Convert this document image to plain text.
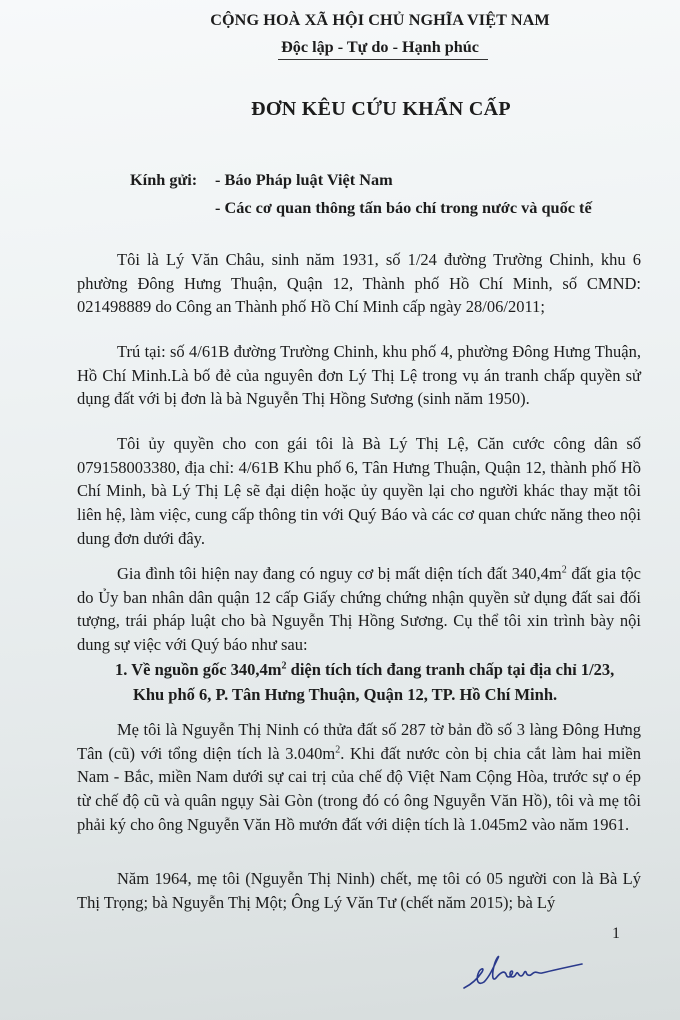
CỘNG HOÀ XÃ HỘI CHỦ NGHĨA VIỆT NAM
Độc lập - Tự do - Hạnh phúc
ĐƠN KÊU CỨU KHẨN CẤP
Kính gửi: - Báo Pháp luật Việt Nam
- Các cơ quan thông tấn báo chí trong nước và quốc tế

Tôi là Lý Văn Châu, sinh năm 1931, số 1/24 đường Trường Chinh, khu 6 phường Đông Hưng Thuận, Quận 12, Thành phố Hồ Chí Minh, số CMND: 021498889 do Công an Thành phố Hồ Chí Minh cấp ngày 28/06/2011;

Trú tại: số 4/61B đường Trường Chinh, khu phố 4, phường Đông Hưng Thuận, Hồ Chí Minh.Là bố đẻ của nguyên đơn Lý Thị Lệ trong vụ án tranh chấp quyền sử dụng đất với bị đơn là bà Nguyễn Thị Hồng Sương (sinh năm 1950).

Tôi ủy quyền cho con gái tôi là Bà Lý Thị Lệ, Căn cước công dân số 079158003380, địa chỉ: 4/61B Khu phố 6, Tân Hưng Thuận, Quận 12, thành phố Hồ Chí Minh, bà Lý Thị Lệ sẽ đại diện hoặc ủy quyền lại cho người khác thay mặt tôi liên hệ, làm việc, cung cấp thông tin với Quý Báo và các cơ quan chức năng theo nội dung đơn dưới đây.

Gia đình tôi hiện nay đang có nguy cơ bị mất diện tích đất $340,4m^2$ đất gia tộc do Ủy ban nhân dân quận 12 cấp Giấy chứng chứng nhận quyền sử dụng đất sai đối tượng, trái pháp luật cho bà Nguyễn Thị Hồng Sương. Cụ thể tôi xin trình bày nội dung sự việc với Quý báo như sau:

1. Về nguồn gốc $340,4m^2$ diện tích tích đang tranh chấp tại địa chỉ 1/23,
Khu phố 6, P. Tân Hưng Thuận, Quận 12, TP. Hồ Chí Minh.

Mẹ tôi là Nguyễn Thị Ninh có thửa đất số 287 tờ bản đồ số 3 làng Đông Hưng Tân (cũ) với tổng diện tích là $3.040m^2$. Khi đất nước còn bị chia cắt làm hai miền Nam - Bắc, miền Nam dưới sự cai trị của chế độ Việt Nam Cộng Hòa, trước sự o ép từ chế độ cũ và quân ngụy Sài Gòn (trong đó có ông Nguyễn Văn Hồ), tôi và mẹ tôi phải ký cho ông Nguyễn Văn Hồ mướn đất với diện tích là 1.045m2 vào năm 1961.

Năm 1964, mẹ tôi (Nguyễn Thị Ninh) chết, mẹ tôi có 05 người con là Bà Lý Thị Trọng; bà Nguyễn Thị Một; Ông Lý Văn Tư (chết năm 2015); bà Lý

1
